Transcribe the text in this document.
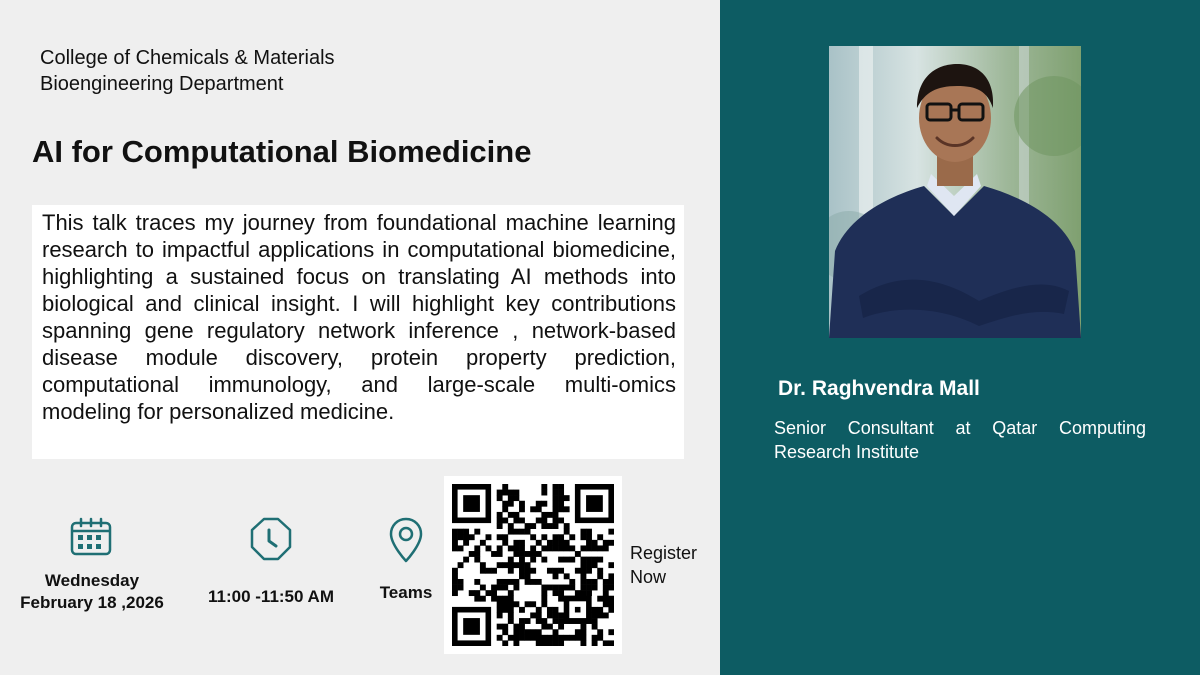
College of Chemicals & Materials
Bioengineering Department
AI for Computational Biomedicine
This talk traces my journey from foundational machine learning research to impactful applications in computational biomedicine, highlighting a sustained focus on translating AI methods into biological and clinical insight. I will highlight key contributions spanning gene regulatory network inference , network-based disease module discovery, protein property prediction, computational immunology, and large-scale multi-omics modeling for personalized medicine.
Wednesday
February 18 ,2026	11:00 -11:50 AM	Teams
Register
Now
Dr. Raghvendra Mall
Senior Consultant at Qatar Computing Research Institute
